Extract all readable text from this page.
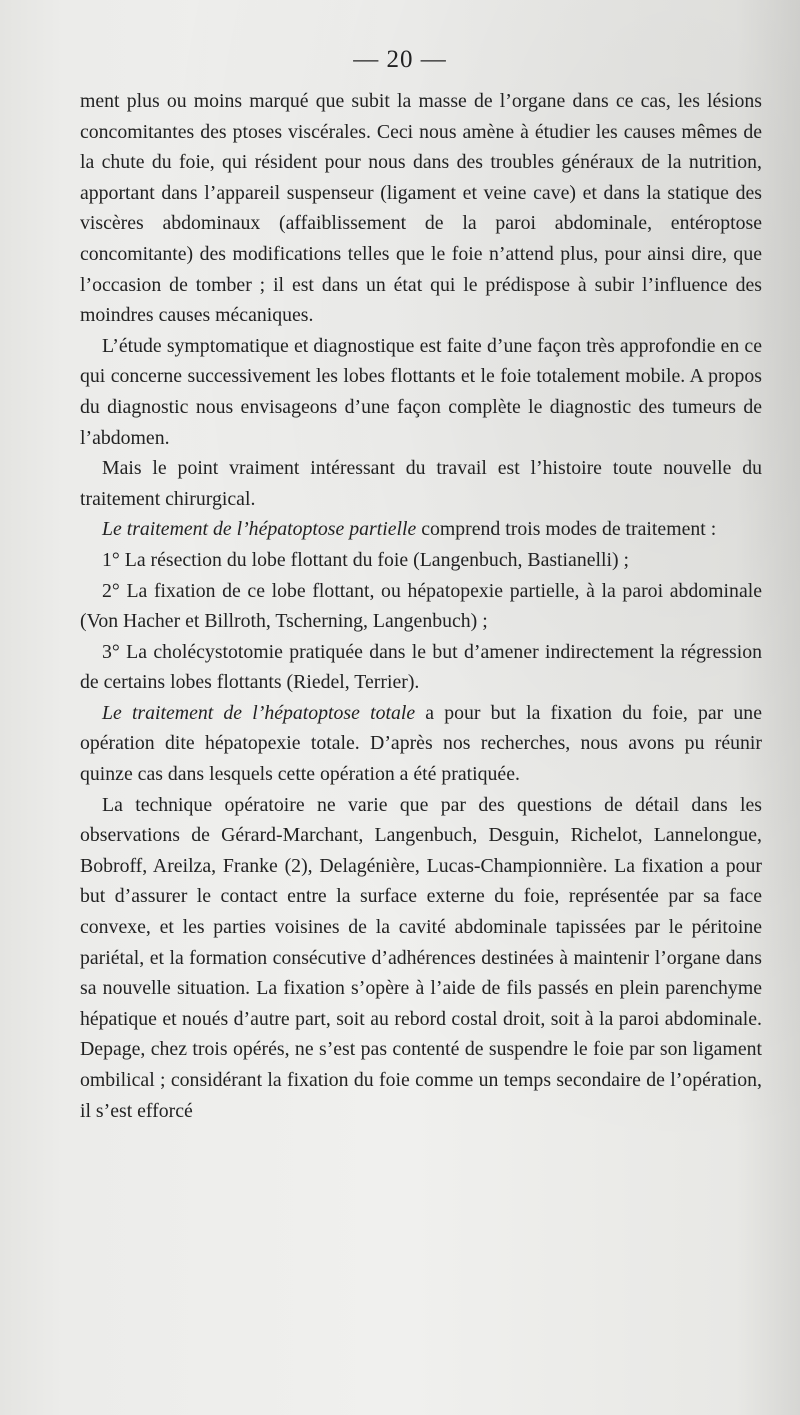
— 20 —

ment plus ou moins marqué que subit la masse de l’organe dans ce cas, les lésions concomitantes des ptoses viscérales. Ceci nous amène à étudier les causes mêmes de la chute du foie, qui résident pour nous dans des troubles généraux de la nutrition, apportant dans l’appareil suspenseur (ligament et veine cave) et dans la statique des viscères abdominaux (affaiblissement de la paroi abdominale, entéroptose concomitante) des modifications telles que le foie n’attend plus, pour ainsi dire, que l’occasion de tomber ; il est dans un état qui le prédispose à subir l’influence des moindres causes mécaniques.

L’étude symptomatique et diagnostique est faite d’une façon très approfondie en ce qui concerne successivement les lobes flottants et le foie totalement mobile. A propos du diagnostic nous envisageons d’une façon complète le diagnostic des tumeurs de l’abdomen.

Mais le point vraiment intéressant du travail est l’histoire toute nouvelle du traitement chirurgical.

Le traitement de l’hépatoptose partielle comprend trois modes de traitement :

1° La résection du lobe flottant du foie (Langenbuch, Bastianelli) ;

2° La fixation de ce lobe flottant, ou hépatopexie partielle, à la paroi abdominale (Von Hacher et Billroth, Tscherning, Langenbuch) ;

3° La cholécystotomie pratiquée dans le but d’amener indirectement la régression de certains lobes flottants (Riedel, Terrier).

Le traitement de l’hépatoptose totale a pour but la fixation du foie, par une opération dite hépatopexie totale. D’après nos recherches, nous avons pu réunir quinze cas dans lesquels cette opération a été pratiquée.

La technique opératoire ne varie que par des questions de détail dans les observations de Gérard-Marchant, Langenbuch, Desguin, Richelot, Lannelongue, Bobroff, Areilza, Franke (2), Delagénière, Lucas-Championnière. La fixation a pour but d’assurer le contact entre la surface externe du foie, représentée par sa face convexe, et les parties voisines de la cavité abdominale tapissées par le péritoine pariétal, et la formation consécutive d’adhérences destinées à maintenir l’organe dans sa nouvelle situation. La fixation s’opère à l’aide de fils passés en plein parenchyme hépatique et noués d’autre part, soit au rebord costal droit, soit à la paroi abdominale. Depage, chez trois opérés, ne s’est pas contenté de suspendre le foie par son ligament ombilical ; considérant la fixation du foie comme un temps secondaire de l’opération, il s’est efforcé
